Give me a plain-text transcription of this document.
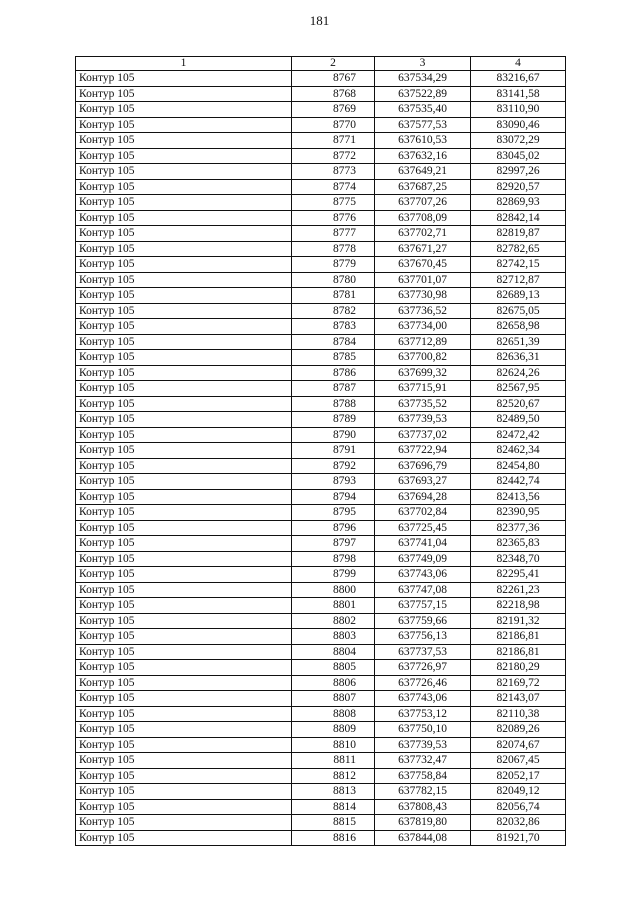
181
1	2	3	4
Контур 105	8767	637534,29	83216,67
Контур 105	8768	637522,89	83141,58
Контур 105	8769	637535,40	83110,90
Контур 105	8770	637577,53	83090,46
Контур 105	8771	637610,53	83072,29
Контур 105	8772	637632,16	83045,02
Контур 105	8773	637649,21	82997,26
Контур 105	8774	637687,25	82920,57
Контур 105	8775	637707,26	82869,93
Контур 105	8776	637708,09	82842,14
Контур 105	8777	637702,71	82819,87
Контур 105	8778	637671,27	82782,65
Контур 105	8779	637670,45	82742,15
Контур 105	8780	637701,07	82712,87
Контур 105	8781	637730,98	82689,13
Контур 105	8782	637736,52	82675,05
Контур 105	8783	637734,00	82658,98
Контур 105	8784	637712,89	82651,39
Контур 105	8785	637700,82	82636,31
Контур 105	8786	637699,32	82624,26
Контур 105	8787	637715,91	82567,95
Контур 105	8788	637735,52	82520,67
Контур 105	8789	637739,53	82489,50
Контур 105	8790	637737,02	82472,42
Контур 105	8791	637722,94	82462,34
Контур 105	8792	637696,79	82454,80
Контур 105	8793	637693,27	82442,74
Контур 105	8794	637694,28	82413,56
Контур 105	8795	637702,84	82390,95
Контур 105	8796	637725,45	82377,36
Контур 105	8797	637741,04	82365,83
Контур 105	8798	637749,09	82348,70
Контур 105	8799	637743,06	82295,41
Контур 105	8800	637747,08	82261,23
Контур 105	8801	637757,15	82218,98
Контур 105	8802	637759,66	82191,32
Контур 105	8803	637756,13	82186,81
Контур 105	8804	637737,53	82186,81
Контур 105	8805	637726,97	82180,29
Контур 105	8806	637726,46	82169,72
Контур 105	8807	637743,06	82143,07
Контур 105	8808	637753,12	82110,38
Контур 105	8809	637750,10	82089,26
Контур 105	8810	637739,53	82074,67
Контур 105	8811	637732,47	82067,45
Контур 105	8812	637758,84	82052,17
Контур 105	8813	637782,15	82049,12
Контур 105	8814	637808,43	82056,74
Контур 105	8815	637819,80	82032,86
Контур 105	8816	637844,08	81921,70
